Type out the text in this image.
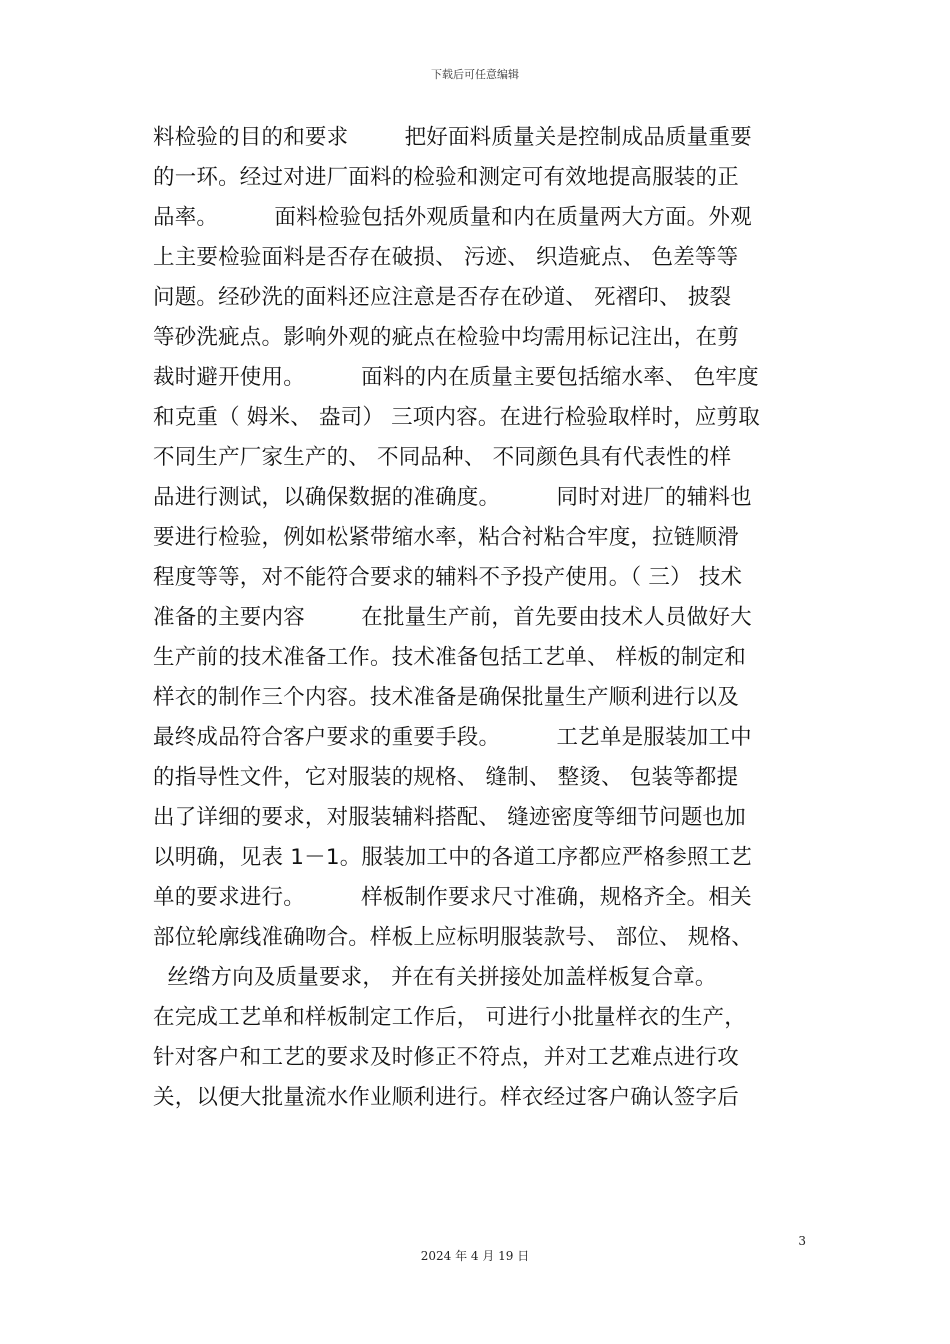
下载后可任意编辑
料检验的目的和要求        把好面料质量关是控制成品质量重要
的一环。经过对进厂面料的检验和测定可有效地提高服装的正
品率。        面料检验包括外观质量和内在质量两大方面。外观
上主要检验面料是否存在破损、 污迹、 织造疵点、 色差等等
问题。经砂洗的面料还应注意是否存在砂道、 死褶印、 披裂
等砂洗疵点。影响外观的疵点在检验中均需用标记注出，在剪
裁时避开使用。        面料的内在质量主要包括缩水率、 色牢度
和克重（ 姆米、 盎司） 三项内容。在进行检验取样时，应剪取
不同生产厂家生产的、 不同品种、 不同颜色具有代表性的样
品进行测试，以确保数据的准确度。        同时对进厂的辅料也
要进行检验，例如松紧带缩水率，粘合衬粘合牢度，拉链顺滑
程度等等，对不能符合要求的辅料不予投产使用。（ 三） 技术
准备的主要内容        在批量生产前，首先要由技术人员做好大
生产前的技术准备工作。技术准备包括工艺单、 样板的制定和
样衣的制作三个内容。技术准备是确保批量生产顺利进行以及
最终成品符合客户要求的重要手段。        工艺单是服装加工中
的指导性文件，它对服装的规格、 缝制、 整烫、 包装等都提
出了详细的要求，对服装辅料搭配、 缝迹密度等细节问题也加
以明确，见表 1－1。服装加工中的各道工序都应严格参照工艺
单的要求进行。        样板制作要求尺寸准确，规格齐全。相关
部位轮廓线准确吻合。样板上应标明服装款号、 部位、 规格、
丝绺方向及质量要求， 并在有关拼接处加盖样板复合章。
在完成工艺单和样板制定工作后， 可进行小批量样衣的生产，
针对客户和工艺的要求及时修正不符点，并对工艺难点进行攻
关，以便大批量流水作业顺利进行。样衣经过客户确认签字后
3
2024 年 4 月 19 日
